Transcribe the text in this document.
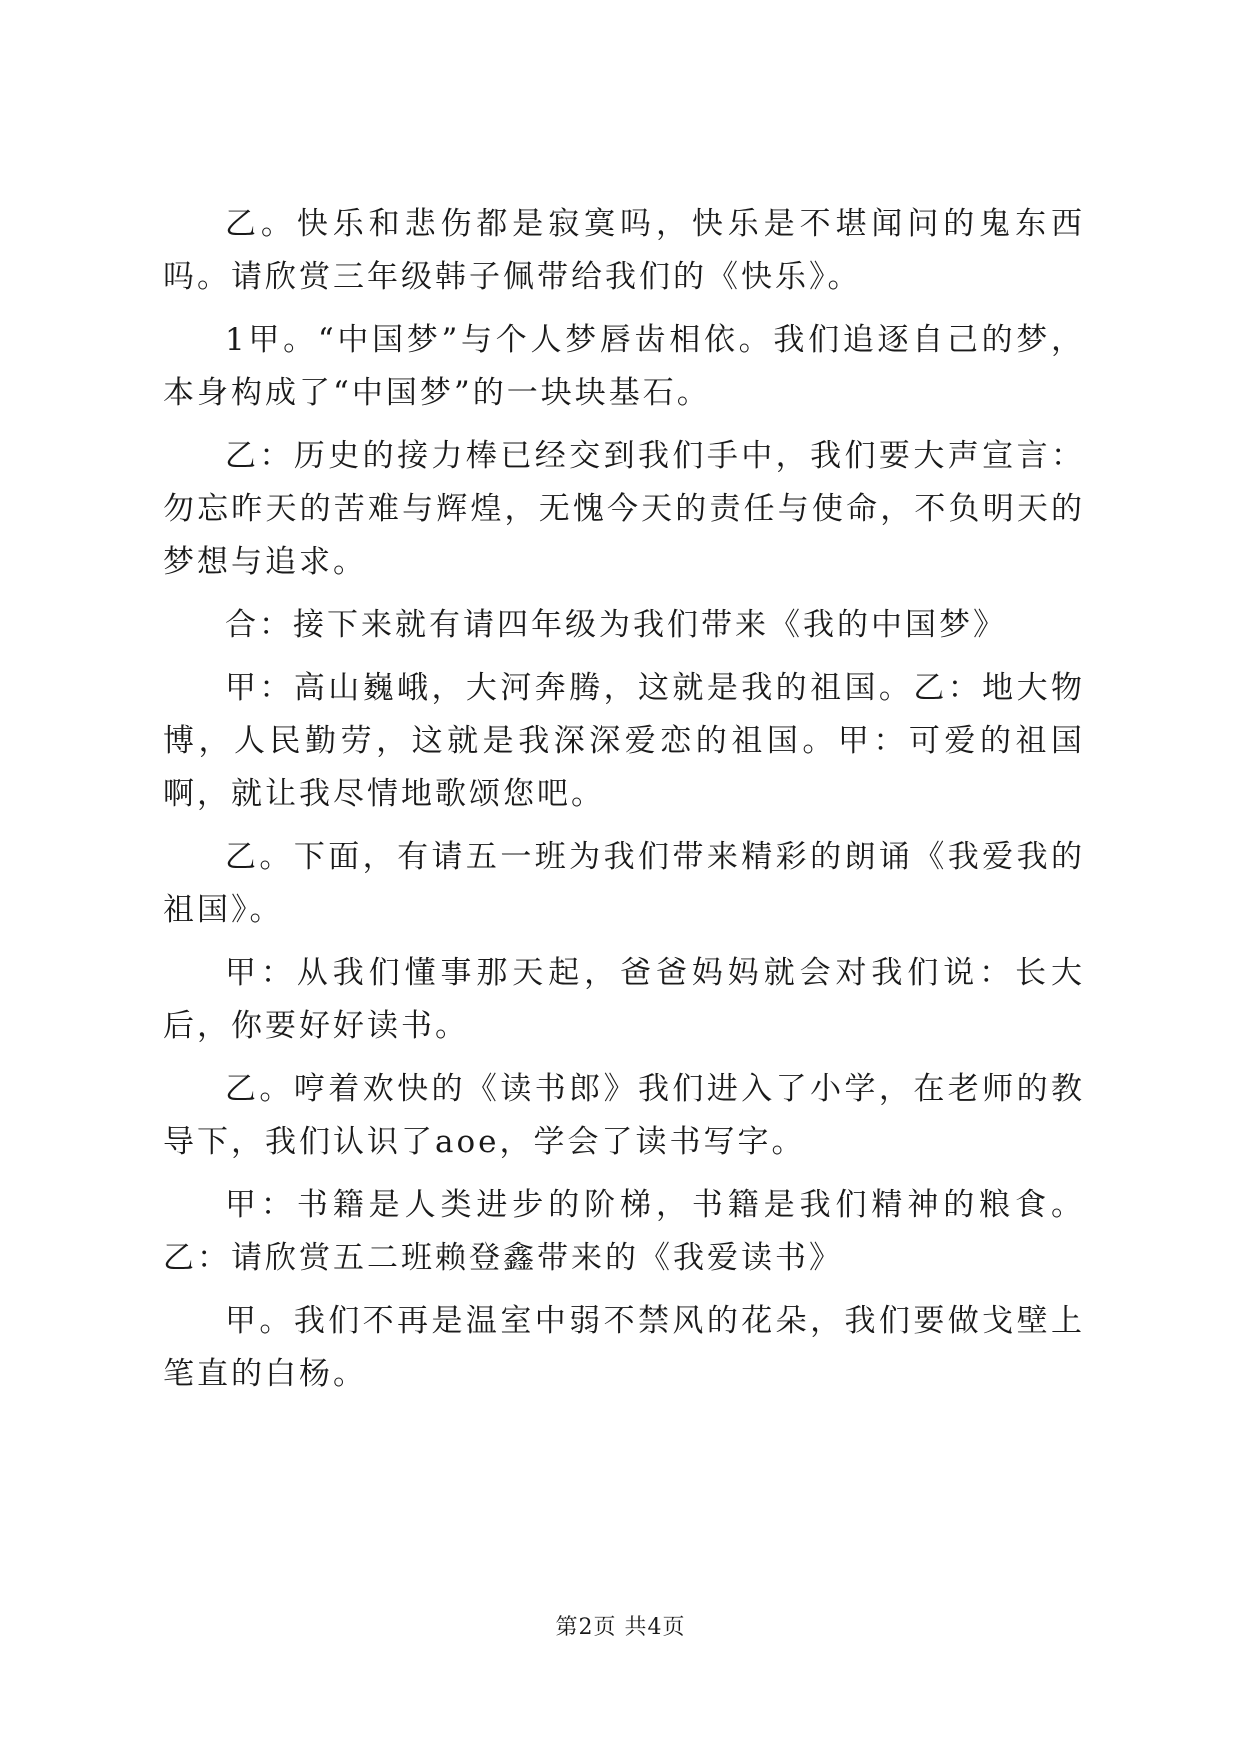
乙。快乐和悲伤都是寂寞吗，快乐是不堪闻问的鬼东西吗。请欣赏三年级韩子佩带给我们的《快乐》。

1甲。“中国梦”与个人梦唇齿相依。我们追逐自己的梦，本身构成了“中国梦”的一块块基石。

乙：历史的接力棒已经交到我们手中，我们要大声宣言：勿忘昨天的苦难与辉煌，无愧今天的责任与使命，不负明天的梦想与追求。

合：接下来就有请四年级为我们带来《我的中国梦》

甲：高山巍峨，大河奔腾，这就是我的祖国。乙：地大物博，人民勤劳，这就是我深深爱恋的祖国。甲：可爱的祖国啊，就让我尽情地歌颂您吧。

乙。下面，有请五一班为我们带来精彩的朗诵《我爱我的祖国》。

甲：从我们懂事那天起，爸爸妈妈就会对我们说：长大后，你要好好读书。

乙。哼着欢快的《读书郎》我们进入了小学，在老师的教导下，我们认识了aoe，学会了读书写字。

甲：书籍是人类进步的阶梯，书籍是我们精神的粮食。乙：请欣赏五二班赖登鑫带来的《我爱读书》

甲。我们不再是温室中弱不禁风的花朵，我们要做戈壁上笔直的白杨。

第2页 共4页
